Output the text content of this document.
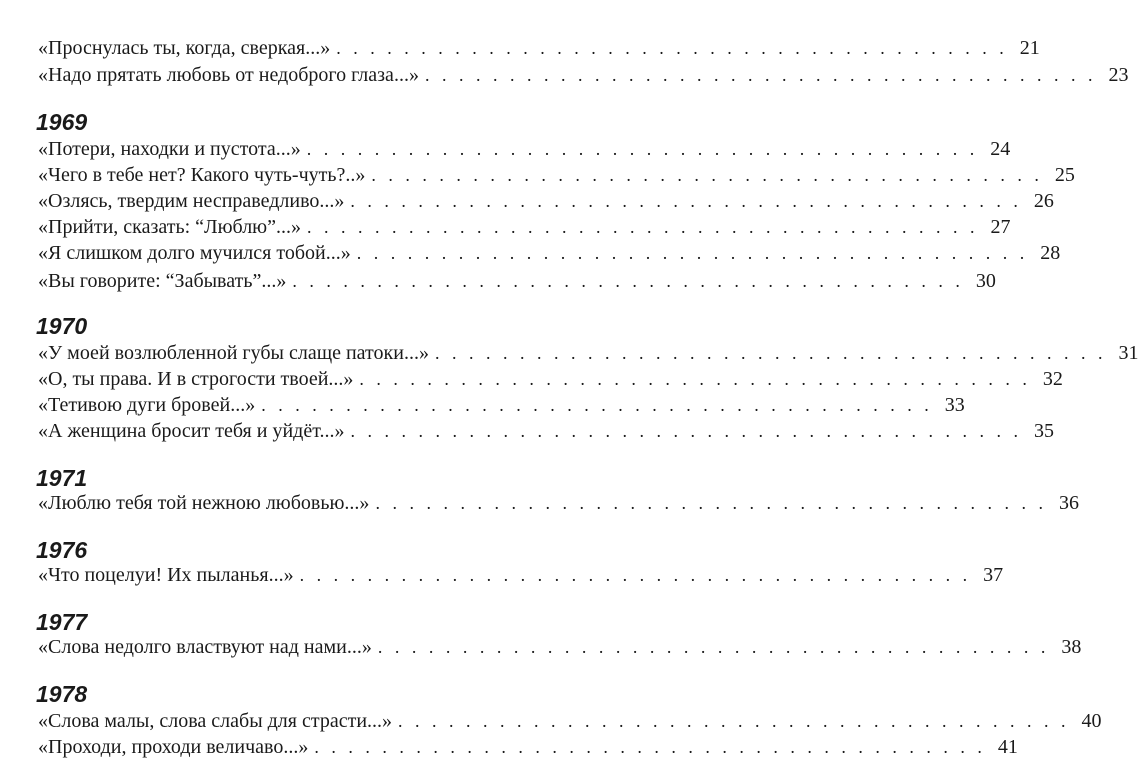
«Проснулась ты, когда, сверкая...» . . . . . . . . . . . . . . . . . . . . . . . . . . . . . . . . . . . . . . . . 21
«Надо прятать любовь от недоброго глаза...» . . . . . . . . . . . . . . . . . . . . . . . . . . . . . . . . . . . . . . . . 23
1969
«Потери, находки и пустота...» . . . . . . . . . . . . . . . . . . . . . . . . . . . . . . . . . . . . . . . . 24
«Чего в тебе нет? Какого чуть-чуть?..» . . . . . . . . . . . . . . . . . . . . . . . . . . . . . . . . . . . . . . . . 25
«Озлясь, твердим несправедливо...» . . . . . . . . . . . . . . . . . . . . . . . . . . . . . . . . . . . . . . . . 26
«Прийти, сказать: “Люблю”...» . . . . . . . . . . . . . . . . . . . . . . . . . . . . . . . . . . . . . . . . 27
«Я слишком долго мучился тобой...» . . . . . . . . . . . . . . . . . . . . . . . . . . . . . . . . . . . . . . . . 28
«Вы говорите: “Забывать”...» . . . . . . . . . . . . . . . . . . . . . . . . . . . . . . . . . . . . . . . . 30
1970
«У моей возлюбленной губы слаще патоки...» . . . . . . . . . . . . . . . . . . . . . . . . . . . . . . . . . . . . . . . . 31
«О, ты права. И в строгости твоей...» . . . . . . . . . . . . . . . . . . . . . . . . . . . . . . . . . . . . . . . . 32
«Тетивою дуги бровей...» . . . . . . . . . . . . . . . . . . . . . . . . . . . . . . . . . . . . . . . . 33
«А женщина бросит тебя и уйдёт...» . . . . . . . . . . . . . . . . . . . . . . . . . . . . . . . . . . . . . . . . 35
1971
«Люблю тебя той нежною любовью...» . . . . . . . . . . . . . . . . . . . . . . . . . . . . . . . . . . . . . . . . 36
1976
«Что поцелуи! Их пыланья...» . . . . . . . . . . . . . . . . . . . . . . . . . . . . . . . . . . . . . . . . 37
1977
«Слова недолго властвуют над нами...» . . . . . . . . . . . . . . . . . . . . . . . . . . . . . . . . . . . . . . . . 38
1978
«Слова малы, слова слабы для страсти...» . . . . . . . . . . . . . . . . . . . . . . . . . . . . . . . . . . . . . . . . 40
«Проходи, проходи величаво...» . . . . . . . . . . . . . . . . . . . . . . . . . . . . . . . . . . . . . . . . 41
